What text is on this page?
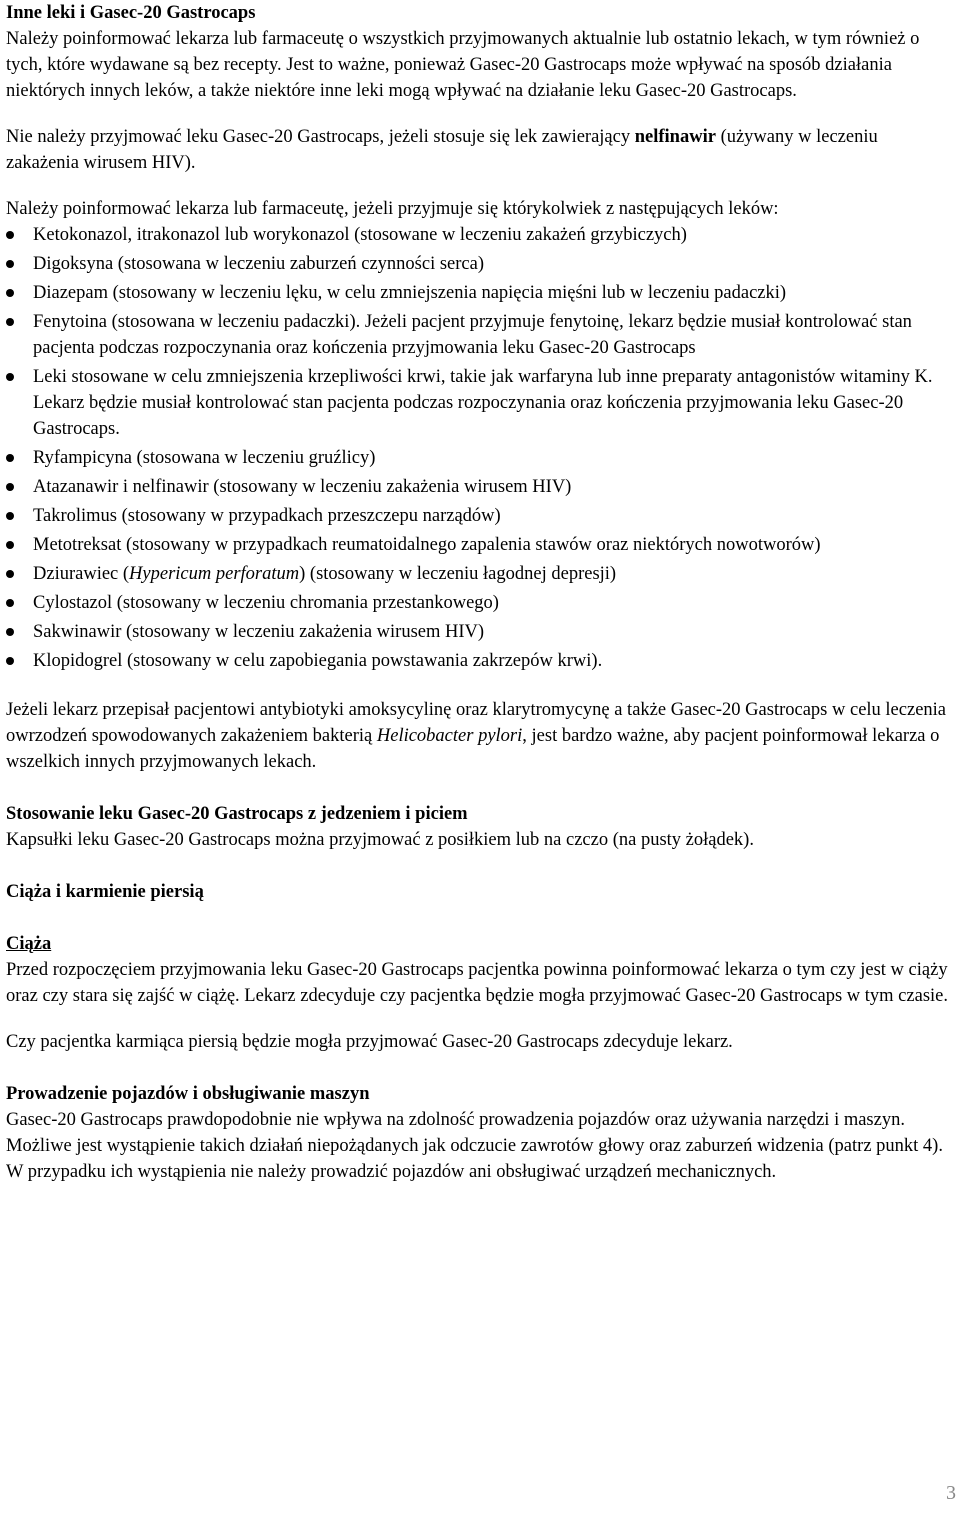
Inne leki i Gasec-20 Gastrocaps

Należy poinformować lekarza lub farmaceutę o wszystkich przyjmowanych aktualnie lub ostatnio lekach, w tym również o tych, które wydawane są bez recepty. Jest to ważne, ponieważ Gasec-20 Gastrocaps może wpływać na sposób działania niektórych innych leków, a także niektóre inne leki mogą wpływać na działanie leku Gasec-20 Gastrocaps.

Nie należy przyjmować leku Gasec-20 Gastrocaps, jeżeli stosuje się lek zawierający nelfinawir (używany w leczeniu zakażenia wirusem HIV).

Należy poinformować lekarza lub farmaceutę, jeżeli przyjmuje się którykolwiek z następujących leków:

Ketokonazol, itrakonazol lub worykonazol (stosowane w leczeniu zakażeń grzybiczych)
Digoksyna (stosowana w leczeniu zaburzeń czynności serca)
Diazepam (stosowany w leczeniu lęku, w celu zmniejszenia napięcia mięśni lub w leczeniu padaczki)
Fenytoina (stosowana w leczeniu padaczki). Jeżeli pacjent przyjmuje fenytoinę, lekarz będzie musiał kontrolować stan pacjenta podczas rozpoczynania oraz kończenia przyjmowania leku Gasec-20 Gastrocaps
Leki stosowane w celu zmniejszenia krzepliwości krwi, takie jak warfaryna lub inne preparaty antagonistów witaminy K. Lekarz będzie musiał kontrolować stan pacjenta podczas rozpoczynania oraz kończenia przyjmowania leku Gasec-20 Gastrocaps.
Ryfampicyna (stosowana w leczeniu gruźlicy)
Atazanawir i nelfinawir (stosowany w leczeniu zakażenia wirusem HIV)
Takrolimus (stosowany w przypadkach przeszczepu narządów)
Metotreksat (stosowany w przypadkach reumatoidalnego zapalenia stawów oraz niektórych nowotworów)
Dziurawiec (Hypericum perforatum) (stosowany w leczeniu łagodnej depresji)
Cylostazol (stosowany w leczeniu chromania przestankowego)
Sakwinawir (stosowany w leczeniu zakażenia wirusem HIV)
Klopidogrel (stosowany w celu zapobiegania powstawania zakrzepów krwi).

Jeżeli lekarz przepisał pacjentowi antybiotyki amoksycylinę oraz klarytromycynę a także Gasec-20 Gastrocaps w celu leczenia owrzodzeń spowodowanych zakażeniem bakterią Helicobacter pylori, jest bardzo ważne, aby pacjent poinformował lekarza o wszelkich innych przyjmowanych lekach.

Stosowanie leku Gasec-20 Gastrocaps z jedzeniem i piciem

Kapsułki leku Gasec-20 Gastrocaps można przyjmować z posiłkiem lub na czczo (na pusty żołądek).

Ciąża i karmienie piersią

Ciąża

Przed rozpoczęciem przyjmowania leku Gasec-20 Gastrocaps pacjentka powinna poinformować lekarza o tym czy jest w ciąży oraz czy stara się zajść w ciążę. Lekarz zdecyduje czy pacjentka będzie mogła przyjmować Gasec-20 Gastrocaps w tym czasie.

Czy pacjentka karmiąca piersią będzie mogła przyjmować Gasec-20 Gastrocaps zdecyduje lekarz.

Prowadzenie pojazdów i obsługiwanie maszyn

Gasec-20 Gastrocaps prawdopodobnie nie wpływa na zdolność prowadzenia pojazdów oraz używania narzędzi i maszyn. Możliwe jest wystąpienie takich działań niepożądanych jak odczucie zawrotów głowy oraz zaburzeń widzenia (patrz punkt 4). W przypadku ich wystąpienia nie należy prowadzić pojazdów ani obsługiwać urządzeń mechanicznych.

3
